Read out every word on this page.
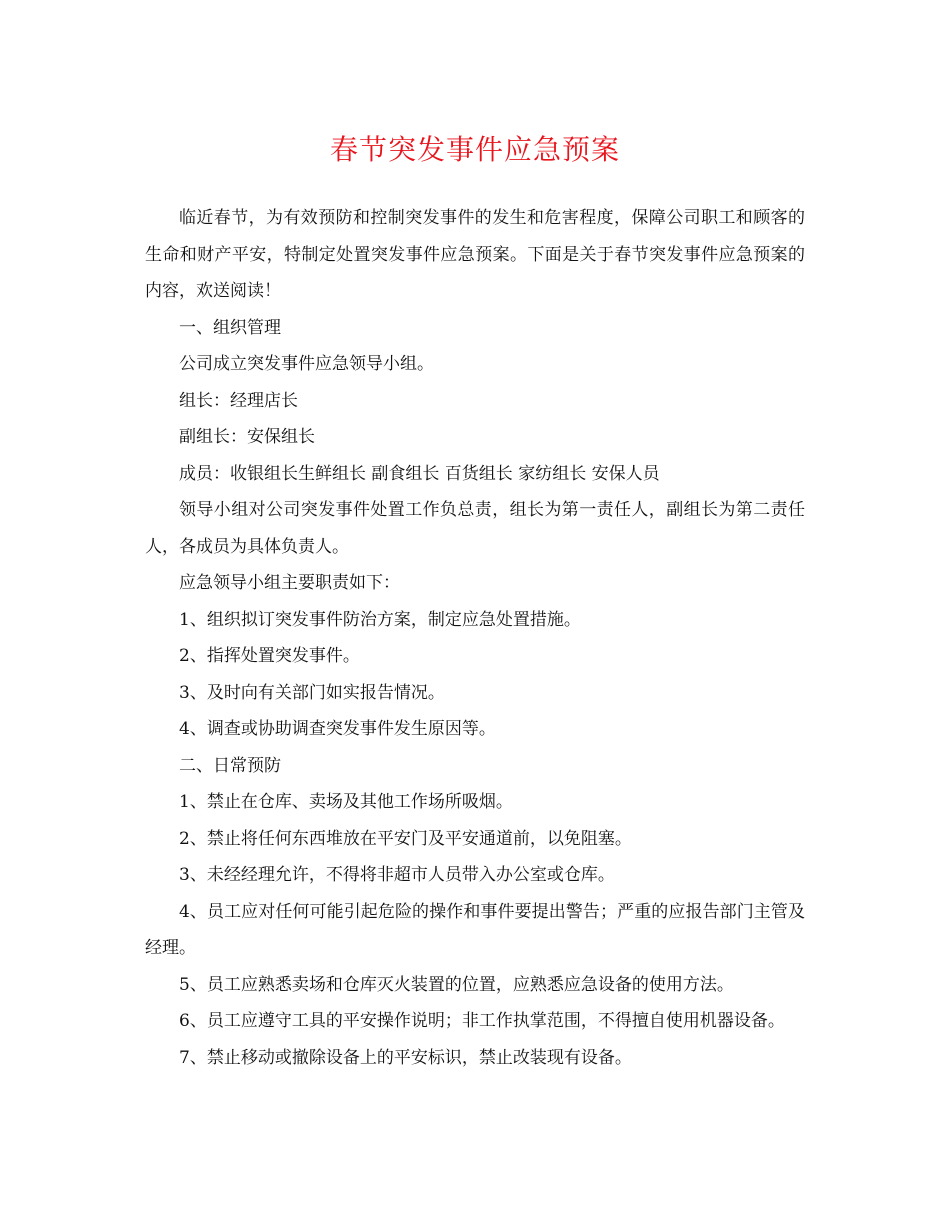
春节突发事件应急预案

临近春节，为有效预防和控制突发事件的发生和危害程度，保障公司职工和顾客的生命和财产平安，特制定处置突发事件应急预案。下面是关于春节突发事件应急预案的内容，欢送阅读！

一、组织管理

公司成立突发事件应急领导小组。

组长：经理店长

副组长：安保组长

成员：收银组长生鲜组长 副食组长 百货组长 家纺组长 安保人员

领导小组对公司突发事件处置工作负总责，组长为第一责任人，副组长为第二责任人，各成员为具体负责人。

应急领导小组主要职责如下：

1、组织拟订突发事件防治方案，制定应急处置措施。

2、指挥处置突发事件。

3、及时向有关部门如实报告情况。

4、调查或协助调查突发事件发生原因等。

二、日常预防

1、禁止在仓库、卖场及其他工作场所吸烟。

2、禁止将任何东西堆放在平安门及平安通道前，以免阻塞。

3、未经经理允许，不得将非超市人员带入办公室或仓库。

4、员工应对任何可能引起危险的操作和事件要提出警告；严重的应报告部门主管及经理。

5、员工应熟悉卖场和仓库灭火装置的位置，应熟悉应急设备的使用方法。

6、员工应遵守工具的平安操作说明；非工作执掌范围，不得擅自使用机器设备。

7、禁止移动或撤除设备上的平安标识，禁止改装现有设备。
